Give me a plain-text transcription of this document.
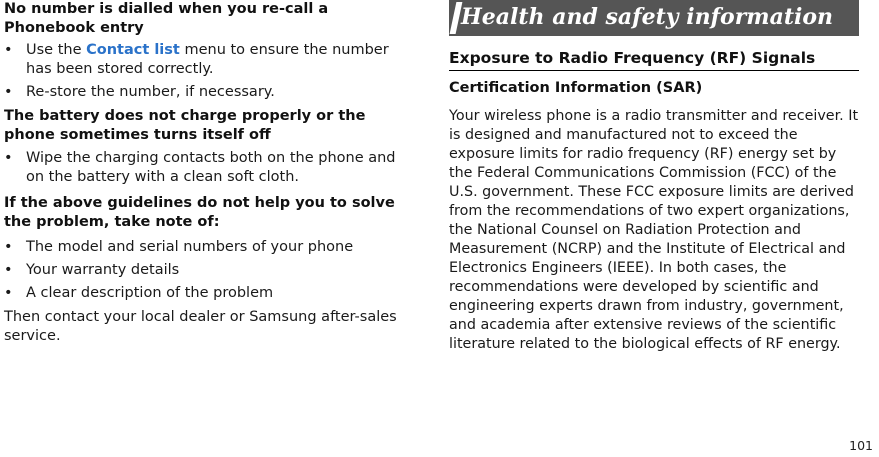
No number is dialled when you re-call a Phonebook entry
• Use the Contact list menu to ensure the number has been stored correctly.
• Re-store the number, if necessary.
The battery does not charge properly or the phone sometimes turns itself off
• Wipe the charging contacts both on the phone and on the battery with a clean soft cloth.
If the above guidelines do not help you to solve the problem, take note of:
• The model and serial numbers of your phone
• Your warranty details
• A clear description of the problem

Then contact your local dealer or Samsung after-sales service.

Health and safety information
Exposure to Radio Frequency (RF) Signals
Certification Information (SAR)

Your wireless phone is a radio transmitter and receiver. It is designed and manufactured not to exceed the exposure limits for radio frequency (RF) energy set by the Federal Communications Commission (FCC) of the U.S. government. These FCC exposure limits are derived from the recommendations of two expert organizations, the National Counsel on Radiation Protection and Measurement (NCRP) and the Institute of Electrical and Electronics Engineers (IEEE). In both cases, the recommendations were developed by scientific and engineering experts drawn from industry, government, and academia after extensive reviews of the scientific literature related to the biological effects of RF energy.

101
